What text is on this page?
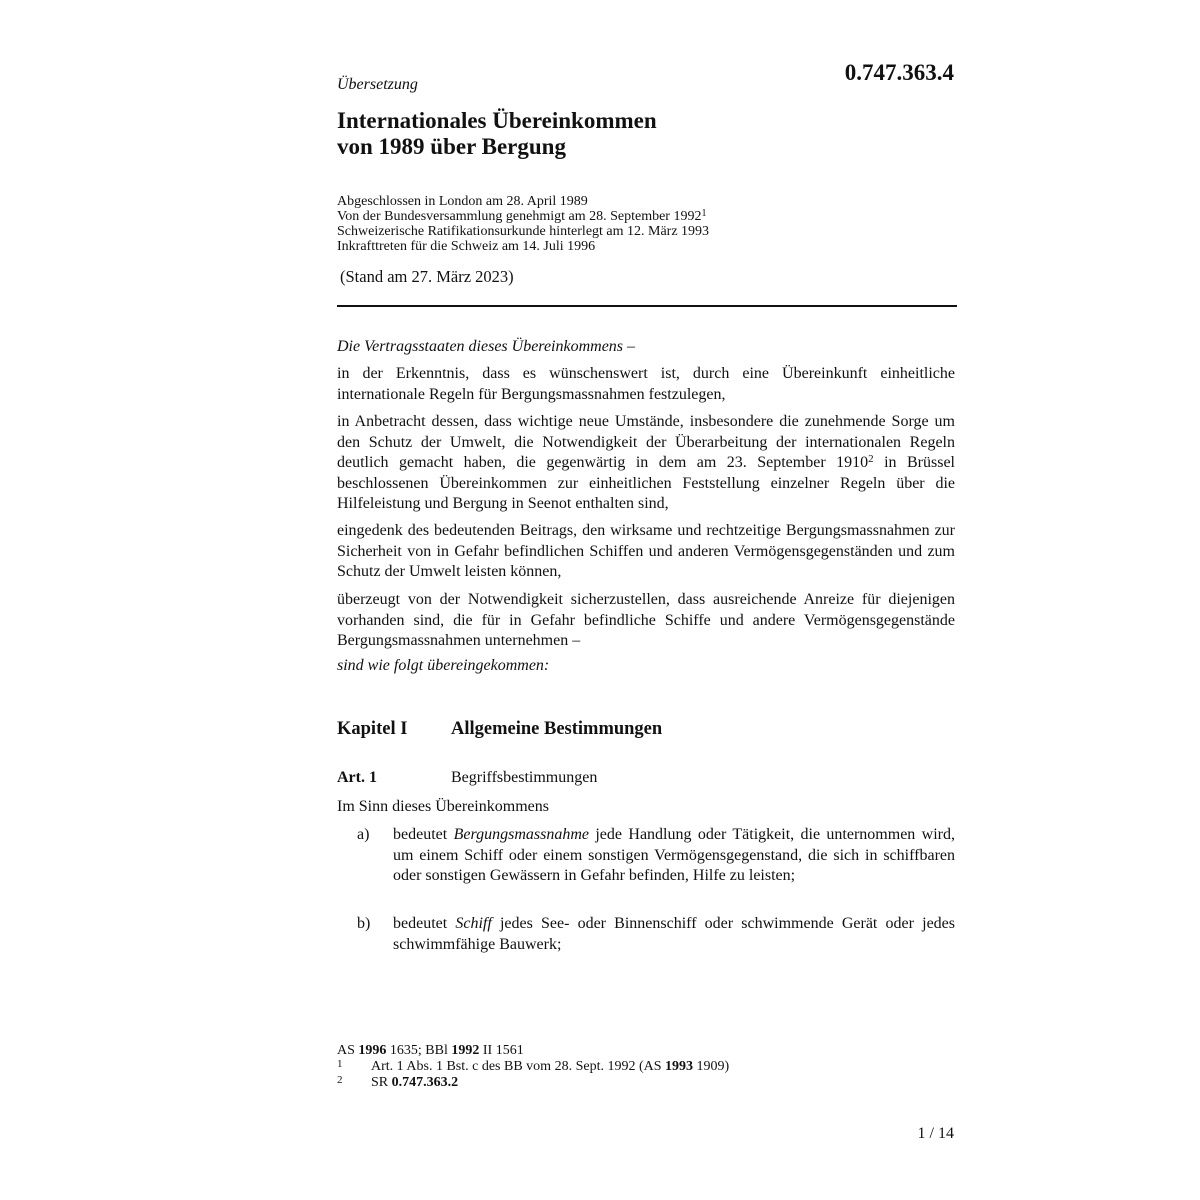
Übersetzung	0.747.363.4
Internationales Übereinkommen
von 1989 über Bergung
Abgeschlossen in London am 28. April 1989
Von der Bundesversammlung genehmigt am 28. September 1992$^1$
Schweizerische Ratifikationsurkunde hinterlegt am 12. März 1993
Inkrafttreten für die Schweiz am 14. Juli 1996
(Stand am 27. März 2023)
Die Vertragsstaaten dieses Übereinkommens –
in der Erkenntnis, dass es wünschenswert ist, durch eine Übereinkunft einheitliche internationale Regeln für Bergungsmassnahmen festzulegen,
in Anbetracht dessen, dass wichtige neue Umstände, insbesondere die zunehmende Sorge um den Schutz der Umwelt, die Notwendigkeit der Überarbeitung der internationalen Regeln deutlich gemacht haben, die gegenwärtig in dem am 23. September 1910$^2$ in Brüssel beschlossenen Übereinkommen zur einheitlichen Feststellung einzelner Regeln über die Hilfeleistung und Bergung in Seenot enthalten sind,
eingedenk des bedeutenden Beitrags, den wirksame und rechtzeitige Bergungsmassnahmen zur Sicherheit von in Gefahr befindlichen Schiffen und anderen Vermögensgegenständen und zum Schutz der Umwelt leisten können,
überzeugt von der Notwendigkeit sicherzustellen, dass ausreichende Anreize für diejenigen vorhanden sind, die für in Gefahr befindliche Schiffe und andere Vermögensgegenstände Bergungsmassnahmen unternehmen –
sind wie folgt übereingekommen:
Kapitel I Allgemeine Bestimmungen
Art. 1	Begriffsbestimmungen
Im Sinn dieses Übereinkommens
a) bedeutet Bergungsmassnahme jede Handlung oder Tätigkeit, die unternommen wird, um einem Schiff oder einem sonstigen Vermögensgegenstand, die sich in schiffbaren oder sonstigen Gewässern in Gefahr befinden, Hilfe zu leisten;
b) bedeutet Schiff jedes See- oder Binnenschiff oder schwimmende Gerät oder jedes schwimmfähige Bauwerk;
AS 1996 1635; BBl 1992 II 1561
1 Art. 1 Abs. 1 Bst. c des BB vom 28. Sept. 1992 (AS 1993 1909)
2 SR 0.747.363.2
1 / 14
